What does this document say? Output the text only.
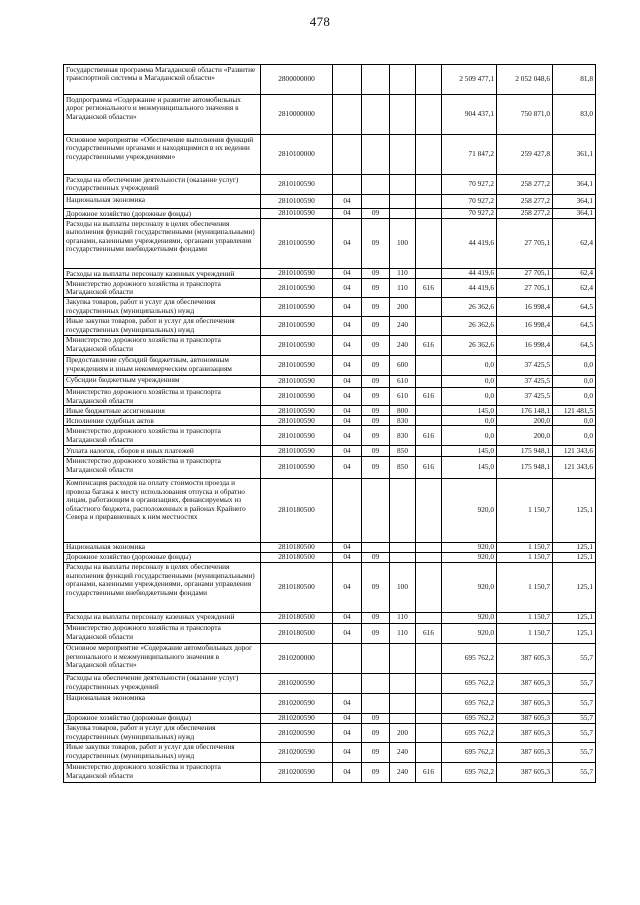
478
Государственная программа Магаданской области «Развитие транспортной системы в Магаданской области»	2800000000					2 509 477,1	2 052 048,6	81,8
Подпрограмма «Содержание и развитие автомобильных дорог регионального и межмуниципального значения в Магаданской области»	2810000000					904 437,1	750 871,0	83,0
Основное мероприятие «Обеспечение выполнения функций государственными органами и находящимися в их ведении государственными учреждениями»	2810100000					71 847,2	259 427,8	361,1
Расходы на обеспечение деятельности (оказание услуг) государственных учреждений	2810100590					70 927,2	258 277,2	364,1
Национальная экономика	2810100590	04				70 927,2	258 277,2	364,1
Дорожное хозяйство (дорожные фонды)	2810100590	04	09			70 927,2	258 277,2	364,1
Расходы на выплаты персоналу в целях обеспечения выполнения функций государственными (муниципальными) органами, казенными учреждениями, органами управления государственными внебюджетными фондами	2810100590	04	09	100		44 419,6	27 705,1	62,4
Расходы на выплаты персоналу казенных учреждений	2810100590	04	09	110		44 419,6	27 705,1	62,4
Министерство дорожного хозяйства и транспорта Магаданской области	2810100590	04	09	110	616	44 419,6	27 705,1	62,4
Закупка товаров, работ и услуг для обеспечения государственных (муниципальных) нужд	2810100590	04	09	200		26 362,6	16 998,4	64,5
Иные закупки товаров, работ и услуг для обеспечения государственных (муниципальных) нужд	2810100590	04	09	240		26 362,6	16 998,4	64,5
Министерство дорожного хозяйства и транспорта Магаданской области	2810100590	04	09	240	616	26 362,6	16 998,4	64,5
Предоставление субсидий бюджетным, автономным учреждениям и иным некоммерческим организациям	2810100590	04	09	600		0,0	37 425,5	0,0
Субсидии бюджетным учреждениям	2810100590	04	09	610		0,0	37 425,5	0,0
Министерство дорожного хозяйства и транспорта Магаданской области	2810100590	04	09	610	616	0,0	37 425,5	0,0
Иные бюджетные ассигнования	2810100590	04	09	800		145,0	176 148,1	121 481,5
Исполнение судебных актов	2810100590	04	09	830		0,0	200,0	0,0
Министерство дорожного хозяйства и транспорта Магаданской области	2810100590	04	09	830	616	0,0	200,0	0,0
Уплата налогов, сборов и иных платежей	2810100590	04	09	850		145,0	175 948,1	121 343,6
Министерство дорожного хозяйства и транспорта Магаданской области	2810100590	04	09	850	616	145,0	175 948,1	121 343,6
Компенсация расходов на оплату стоимости проезда и провоза багажа к месту использования отпуска и обратно лицам, работающим в организациях, финансируемых из областного бюджета, расположенных в районах Крайнего Севера и приравненных к ним местностях	2810180500					920,0	1 150,7	125,1
Национальная экономика	2810180500	04				920,0	1 150,7	125,1
Дорожное хозяйство (дорожные фонды)	2810180500	04	09			920,0	1 150,7	125,1
Расходы на выплаты персоналу в целях обеспечения выполнения функций государственными (муниципальными) органами, казенными учреждениями, органами управления государственными внебюджетными фондами	2810180500	04	09	100		920,0	1 150,7	125,1
Расходы на выплаты персоналу казенных учреждений	2810180500	04	09	110		920,0	1 150,7	125,1
Министерство дорожного хозяйства и транспорта Магаданской области	2810180500	04	09	110	616	920,0	1 150,7	125,1
Основное мероприятие «Содержание автомобильных дорог регионального и межмуниципального значения в Магаданской области»	2810200000					695 762,2	387 605,3	55,7
Расходы на обеспечение деятельности (оказание услуг) государственных учреждений	2810200590					695 762,2	387 605,3	55,7
Национальная экономика	2810200590	04				695 762,2	387 605,3	55,7
Дорожное хозяйство (дорожные фонды)	2810200590	04	09			695 762,2	387 605,3	55,7
Закупка товаров, работ и услуг для обеспечения государственных (муниципальных) нужд	2810200590	04	09	200		695 762,2	387 605,3	55,7
Иные закупки товаров, работ и услуг для обеспечения государственных (муниципальных) нужд	2810200590	04	09	240		695 762,2	387 605,3	55,7
Министерство дорожного хозяйства и транспорта Магаданской области	2810200590	04	09	240	616	695 762,2	387 605,3	55,7
